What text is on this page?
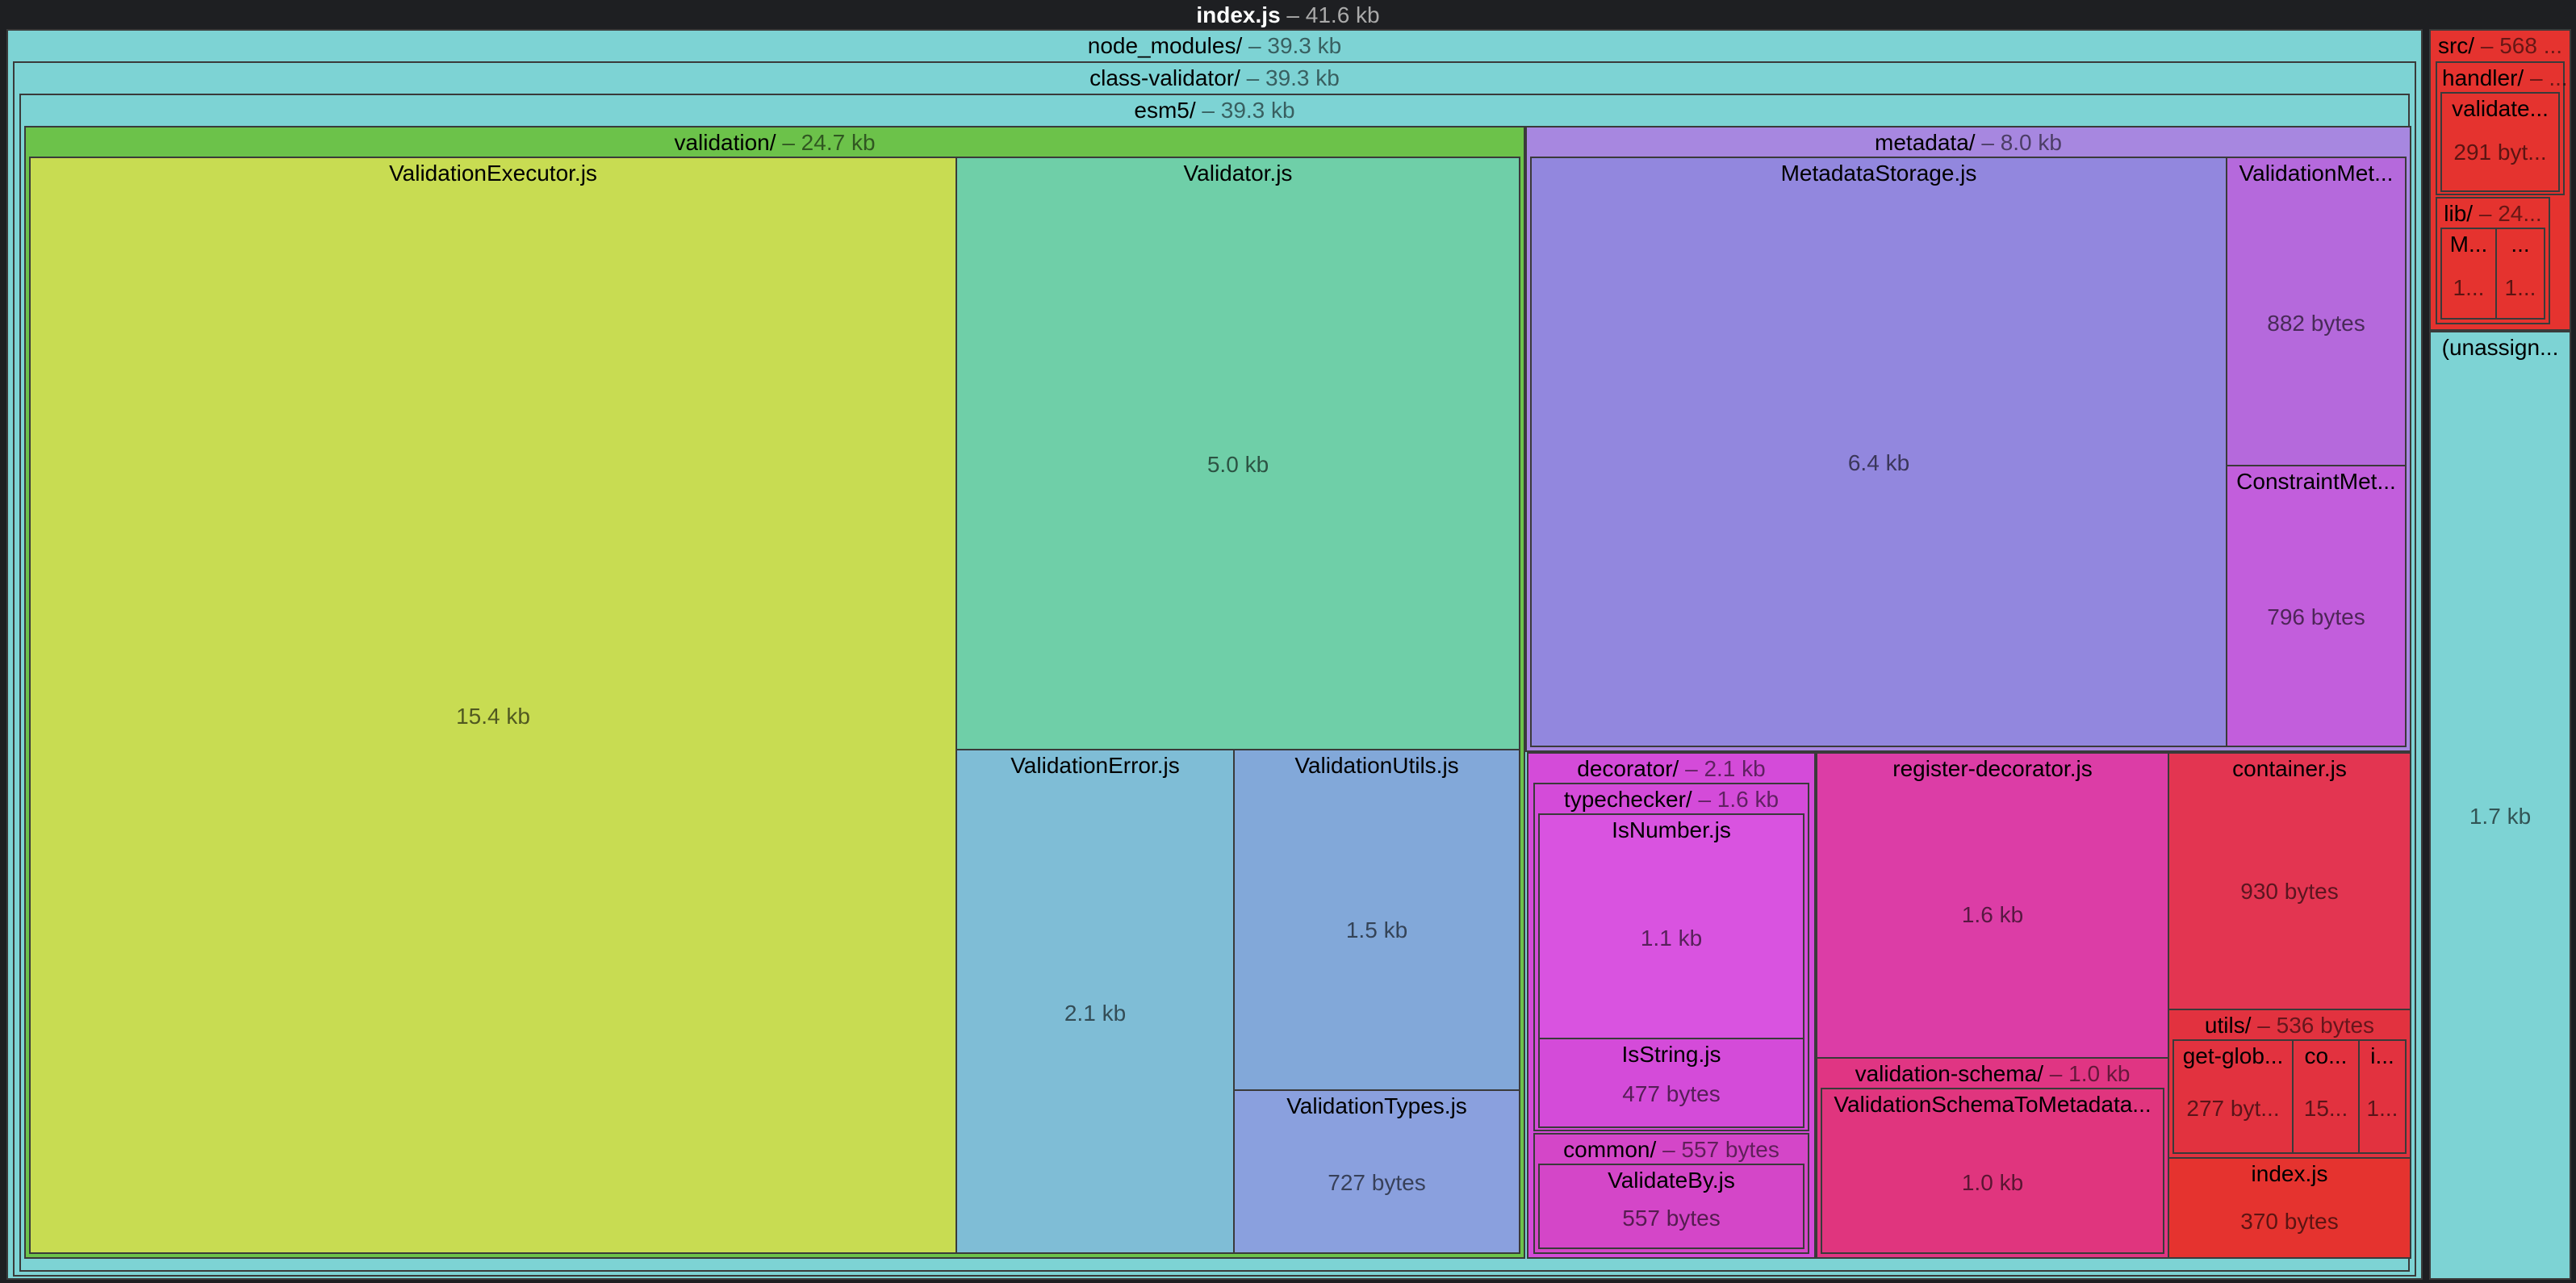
index.js – 41.6 kb
node_modules/ – 39.3 kb
class-validator/ – 39.3 kb
esm5/ – 39.3 kb
validation/ – 24.7 kb
ValidationExecutor.js
15.4 kb
Validator.js
5.0 kb
ValidationError.js
2.1 kb
ValidationUtils.js
1.5 kb
ValidationTypes.js
727 bytes
metadata/ – 8.0 kb
MetadataStorage.js
6.4 kb
ValidationMet...
882 bytes
ConstraintMet...
796 bytes
decorator/ – 2.1 kb
typechecker/ – 1.6 kb
IsNumber.js
1.1 kb
IsString.js
477 bytes
common/ – 557 bytes
ValidateBy.js
557 bytes
register-decorator.js
1.6 kb
validation-schema/ – 1.0 kb
ValidationSchemaToMetadata...
1.0 kb
container.js
930 bytes
utils/ – 536 bytes
get-glob...
277 byt...
co...
15...
i...
1...
index.js
370 bytes
src/ – 568 ...
handler/ – ...
validate...
291 byt...
lib/ – 24...
M...
1...
...
1...
(unassign...
1.7 kb
